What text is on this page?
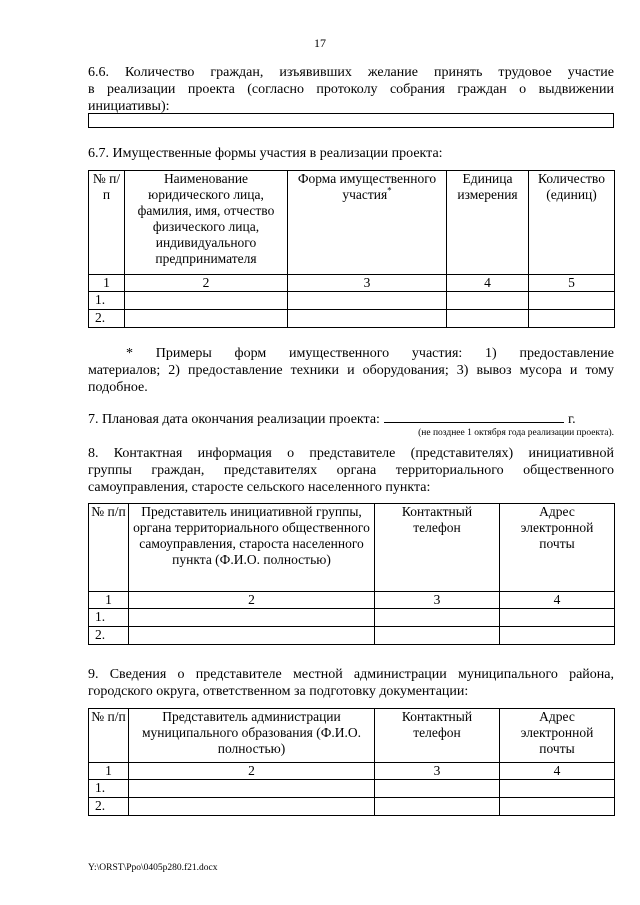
17
6.6. Количество граждан, изъявивших желание принять трудовое участие
в реализации проекта (согласно протоколу собрания граждан о выдвижении
инициативы):
6.7. Имущественные формы участия в реализации проекта:
№ п/п	Наименование юридического лица, фамилия, имя, отчество физического лица, индивидуального предпринимателя	Форма имущественного участия*	Единица измерения	Количество (единиц)
1	2	3	4	5
1.				
2.				
* Примеры форм имущественного участия: 1) предоставление
материалов; 2) предоставление техники и оборудования; 3) вывоз мусора и тому подобное.
7. Плановая дата окончания реализации проекта:	г.
(не позднее 1 октября года реализации проекта).
8. Контактная информация о представителе (представителях) инициативной
группы граждан, представителях органа территориального общественного
самоуправления, старосте сельского населенного пункта:
№ п/п	Представитель инициативной группы, органа территориального общественного самоуправления, староста населенного пункта (Ф.И.О. полностью)	Контактный телефон	Адрес электронной почты
1	2	3	4
1.			
2.			
9. Сведения о представителе местной администрации муниципального района,
городского округа, ответственном за подготовку документации:
№ п/п	Представитель администрации муниципального образования (Ф.И.О. полностью)	Контактный телефон	Адрес электронной почты
1	2	3	4
1.			
2.			
Y:\ORST\Ppo\0405p280.f21.docx
